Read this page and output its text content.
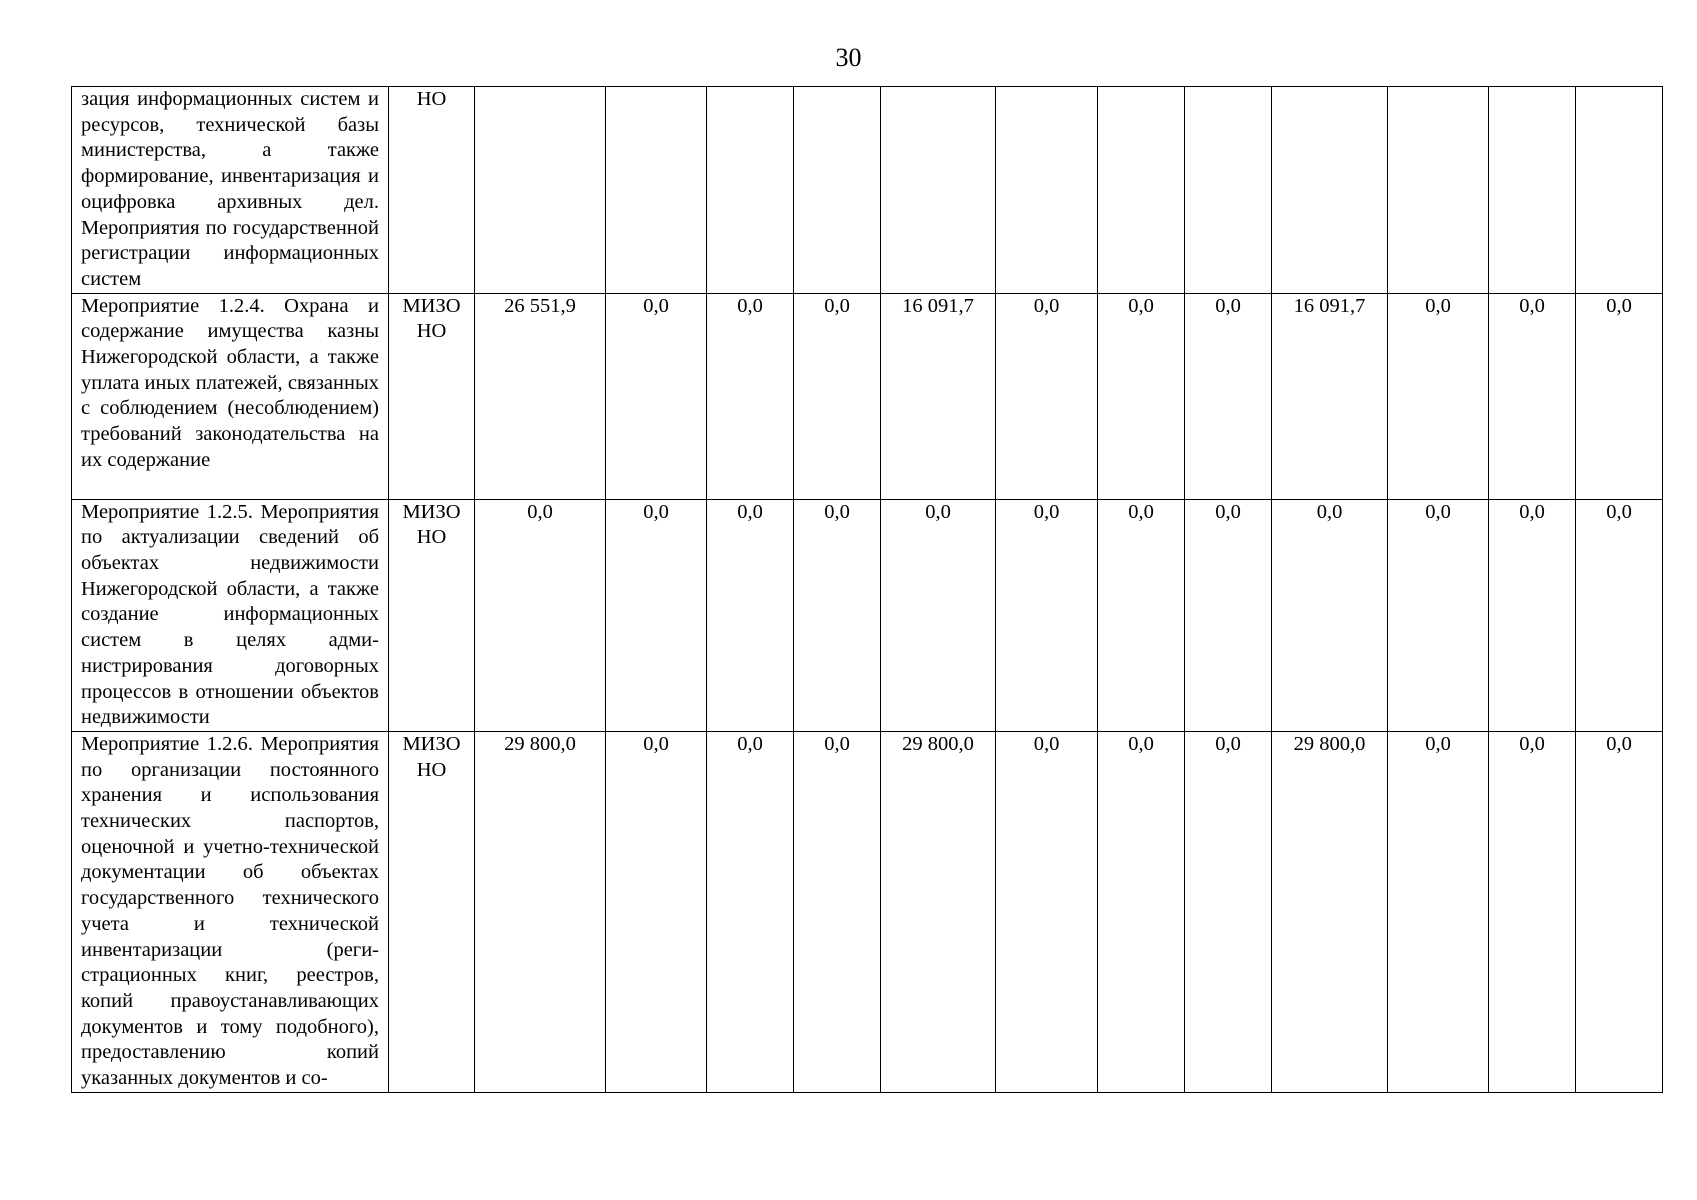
30
зация информационных систем и ресурсов, технической базы министерства, а также формирование, инвентаризация и оцифровка архивных дел. Мероприятия по государственной регистрации информационных систем	НО												
Мероприятие 1.2.4. Охрана и содержание имущества казны Нижегородской области, а также уплата иных платежей, связанных с соблюдением (несоблюдением) требований законодательства на их содержание	МИЗО НО	26 551,9	0,0	0,0	0,0	16 091,7	0,0	0,0	0,0	16 091,7	0,0	0,0	0,0
Мероприятие 1.2.5. Мероприятия по актуализации сведений об объектах недвижимости Нижегородской области, а также создание информационных систем в целях администрирования договорных процессов в отношении объектов недвижимости	МИЗО НО	0,0	0,0	0,0	0,0	0,0	0,0	0,0	0,0	0,0	0,0	0,0	0,0
Мероприятие 1.2.6. Мероприятия по организации постоянного хранения и использования технических паспортов, оценочной и учетно-технической документации об объектах государственного технического учета и технической инвентаризации (регистрационных книг, реестров, копий правоустанавливающих документов и тому подобного), предоставлению копий указанных документов и со-	МИЗО НО	29 800,0	0,0	0,0	0,0	29 800,0	0,0	0,0	0,0	29 800,0	0,0	0,0	0,0
